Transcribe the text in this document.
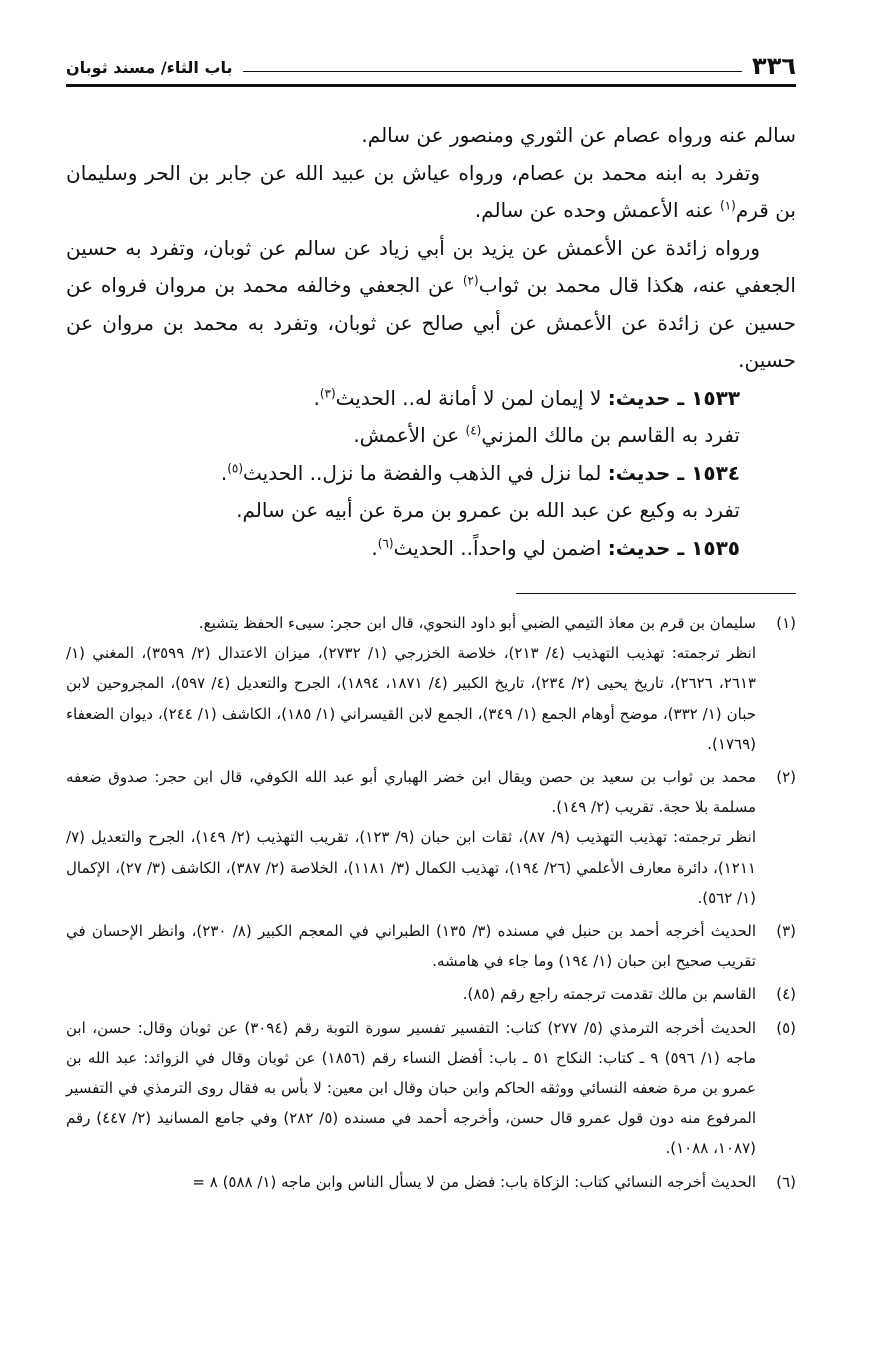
٣٣٦
باب الثاء/ مسند ثوبان

سالم عنه ورواه عصام عن الثوري ومنصور عن سالم.

وتفرد به ابنه محمد بن عصام، ورواه عياش بن عبيد الله عن جابر بن الحر وسليمان بن قرم$^{(١)}$ عنه الأعمش وحده عن سالم.

ورواه زائدة عن الأعمش عن يزيد بن أبي زياد عن سالم عن ثوبان، وتفرد به حسين الجعفي عنه، هكذا قال محمد بن ثواب$^{(٢)}$ عن الجعفي وخالفه محمد بن مروان فرواه عن حسين عن زائدة عن الأعمش عن أبي صالح عن ثوبان، وتفرد به محمد بن مروان عن حسين.

١٥٣٣ ـ حديث: لا إيمان لمن لا أمانة له.. الحديث$^{(٣)}$.

تفرد به القاسم بن مالك المزني$^{(٤)}$ عن الأعمش.

١٥٣٤ ـ حديث: لما نزل في الذهب والفضة ما نزل.. الحديث$^{(٥)}$.

تفرد به وكيع عن عبد الله بن عمرو بن مرة عن أبيه عن سالم.

١٥٣٥ ـ حديث: اضمن لي واحداً.. الحديث$^{(٦)}$.

(١)

سليمان بن قرم بن معاذ التيمي الضبي أبو داود النحوي، قال ابن حجر: سيىء الحفظ يتشيع.

انظر ترجمته: تهذيب التهذيب (٤/ ٢١٣)، خلاصة الخزرجي (١/ ٢٧٣٢)، ميزان الاعتدال (٢/ ٣٥٩٩)، المغني (١/ ٢٦١٣، ٢٦٢٦)، تاريخ يحيى (٢/ ٢٣٤)، تاريخ الكبير (٤/ ١٨٧١، ١٨٩٤)، الجرح والتعديل (٤/ ٥٩٧)، المجروحين لابن حبان (١/ ٣٣٢)، موضح أوهام الجمع (١/ ٣٤٩)، الجمع لابن القيسراني (١/ ١٨٥)، الكاشف (١/ ٢٤٤)، ديوان الضعفاء (١٧٦٩).

(٢)

محمد بن ثواب بن سعيد بن حصن ويقال ابن خضر الهباري أبو عبد الله الكوفي، قال ابن حجر: صدوق ضعفه مسلمة بلا حجة. تقريب (٢/ ١٤٩).

انظر ترجمته: تهذيب التهذيب (٩/ ٨٧)، ثقات ابن حبان (٩/ ١٢٣)، تقريب التهذيب (٢/ ١٤٩)، الجرح والتعديل (٧/ ١٢١١)، دائرة معارف الأعلمي (٢٦/ ١٩٤)، تهذيب الكمال (٣/ ١١٨١)، الخلاصة (٢/ ٣٨٧)، الكاشف (٣/ ٢٧)، الإكمال (١/ ٥٦٢).

(٣)

الحديث أخرجه أحمد بن حنبل في مسنده (٣/ ١٣٥) الطبراني في المعجم الكبير (٨/ ٢٣٠)، وانظر الإحسان في تقريب صحيح ابن حبان (١/ ١٩٤) وما جاء في هامشه.

(٤)

القاسم بن مالك تقدمت ترجمته راجع رقم (٨٥).

(٥)

الحديث أخرجه الترمذي (٥/ ٢٧٧) كتاب: التفسير تفسير سورة التوبة رقم (٣٠٩٤) عن ثوبان وقال: حسن، ابن ماجه (١/ ٥٩٦) ٩ ـ كتاب: النكاح ٥١ ـ باب: أفضل النساء رقم (١٨٥٦) عن ثوبان وقال في الزوائد: عبد الله بن عمرو بن مرة ضعفه النسائي ووثقه الحاكم وابن حبان وقال ابن معين: لا بأس به فقال روى الترمذي في التفسير المرفوع منه دون قول عمرو قال حسن، وأخرجه أحمد في مسنده (٥/ ٢٨٢) وفي جامع المسانيد (٢/ ٤٤٧) رقم (١٠٨٧، ١٠٨٨).

(٦)

الحديث أخرجه النسائي كتاب: الزكاة باب: فضل من لا يسأل الناس وابن ماجه (١/ ٥٨٨) ٨ =
